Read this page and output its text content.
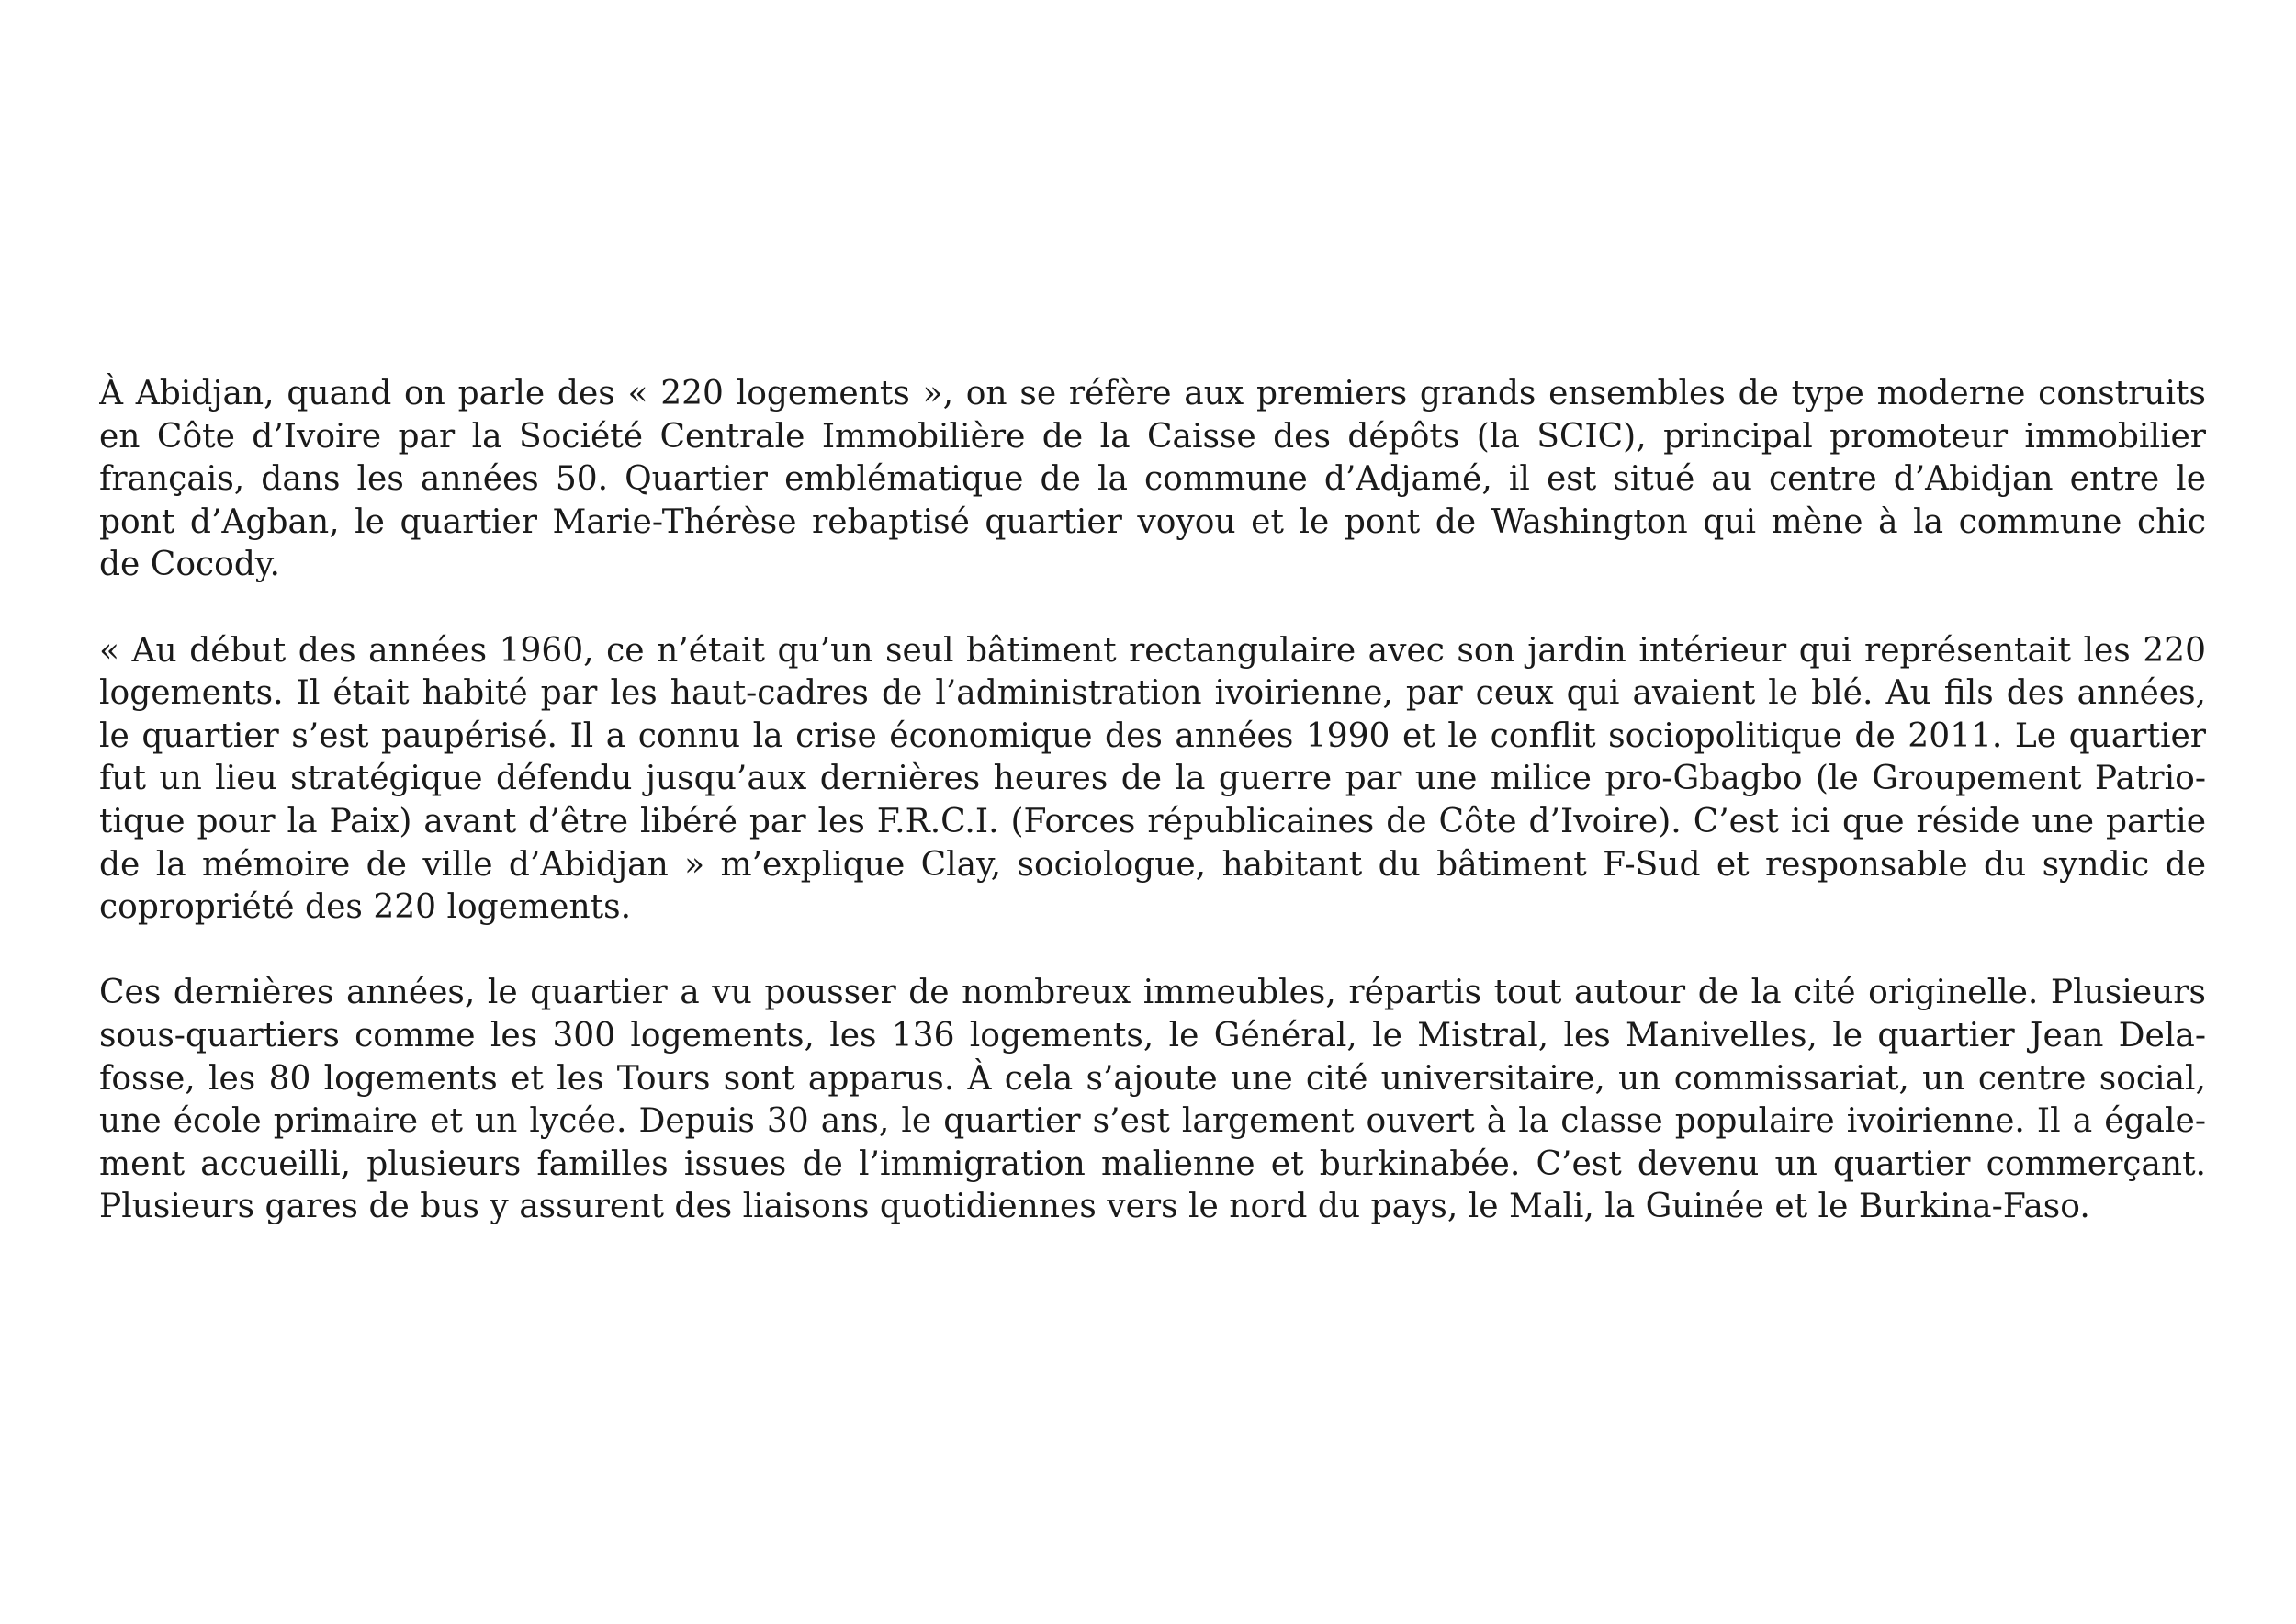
À Abidjan, quand on parle des « 220 logements », on se réfère aux premiers grands ensembles de type moderne construits
en Côte d’Ivoire par la Société Centrale Immobilière de la Caisse des dépôts (la SCIC), principal promoteur immobilier
français, dans les années 50. Quartier emblématique de la commune d’Adjamé, il est situé au centre d’Abidjan entre le
pont d’Agban, le quartier Marie-Thérèse rebaptisé quartier voyou et le pont de Washington qui mène à la commune chic
de Cocody.
« Au début des années 1960, ce n’était qu’un seul bâtiment rectangulaire avec son jardin intérieur qui représentait les 220
logements. Il était habité par les haut-cadres de l’administration ivoirienne, par ceux qui avaient le blé. Au fils des années,
le quartier s’est paupérisé. Il a connu la crise économique des années 1990 et le conflit sociopolitique de 2011. Le quartier
fut un lieu stratégique défendu jusqu’aux dernières heures de la guerre par une milice pro-Gbagbo (le Groupement Patrio-
tique pour la Paix) avant d’être libéré par les F.R.C.I. (Forces républicaines de Côte d’Ivoire). C’est ici que réside une partie
de la mémoire de ville d’Abidjan » m’explique Clay, sociologue, habitant du bâtiment F-Sud et responsable du syndic de
copropriété des 220 logements.
Ces dernières années, le quartier a vu pousser de nombreux immeubles, répartis tout autour de la cité originelle. Plusieurs
sous-quartiers comme les 300 logements, les 136 logements, le Général, le Mistral, les Manivelles, le quartier Jean Dela-
fosse, les 80 logements et les Tours sont apparus. À cela s’ajoute une cité universitaire, un commissariat, un centre social,
une école primaire et un lycée. Depuis 30 ans, le quartier s’est largement ouvert à la classe populaire ivoirienne. Il a égale-
ment accueilli, plusieurs familles issues de l’immigration malienne et burkinabée. C’est devenu un quartier commerçant.
Plusieurs gares de bus y assurent des liaisons quotidiennes vers le nord du pays, le Mali, la Guinée et le Burkina-Faso.
